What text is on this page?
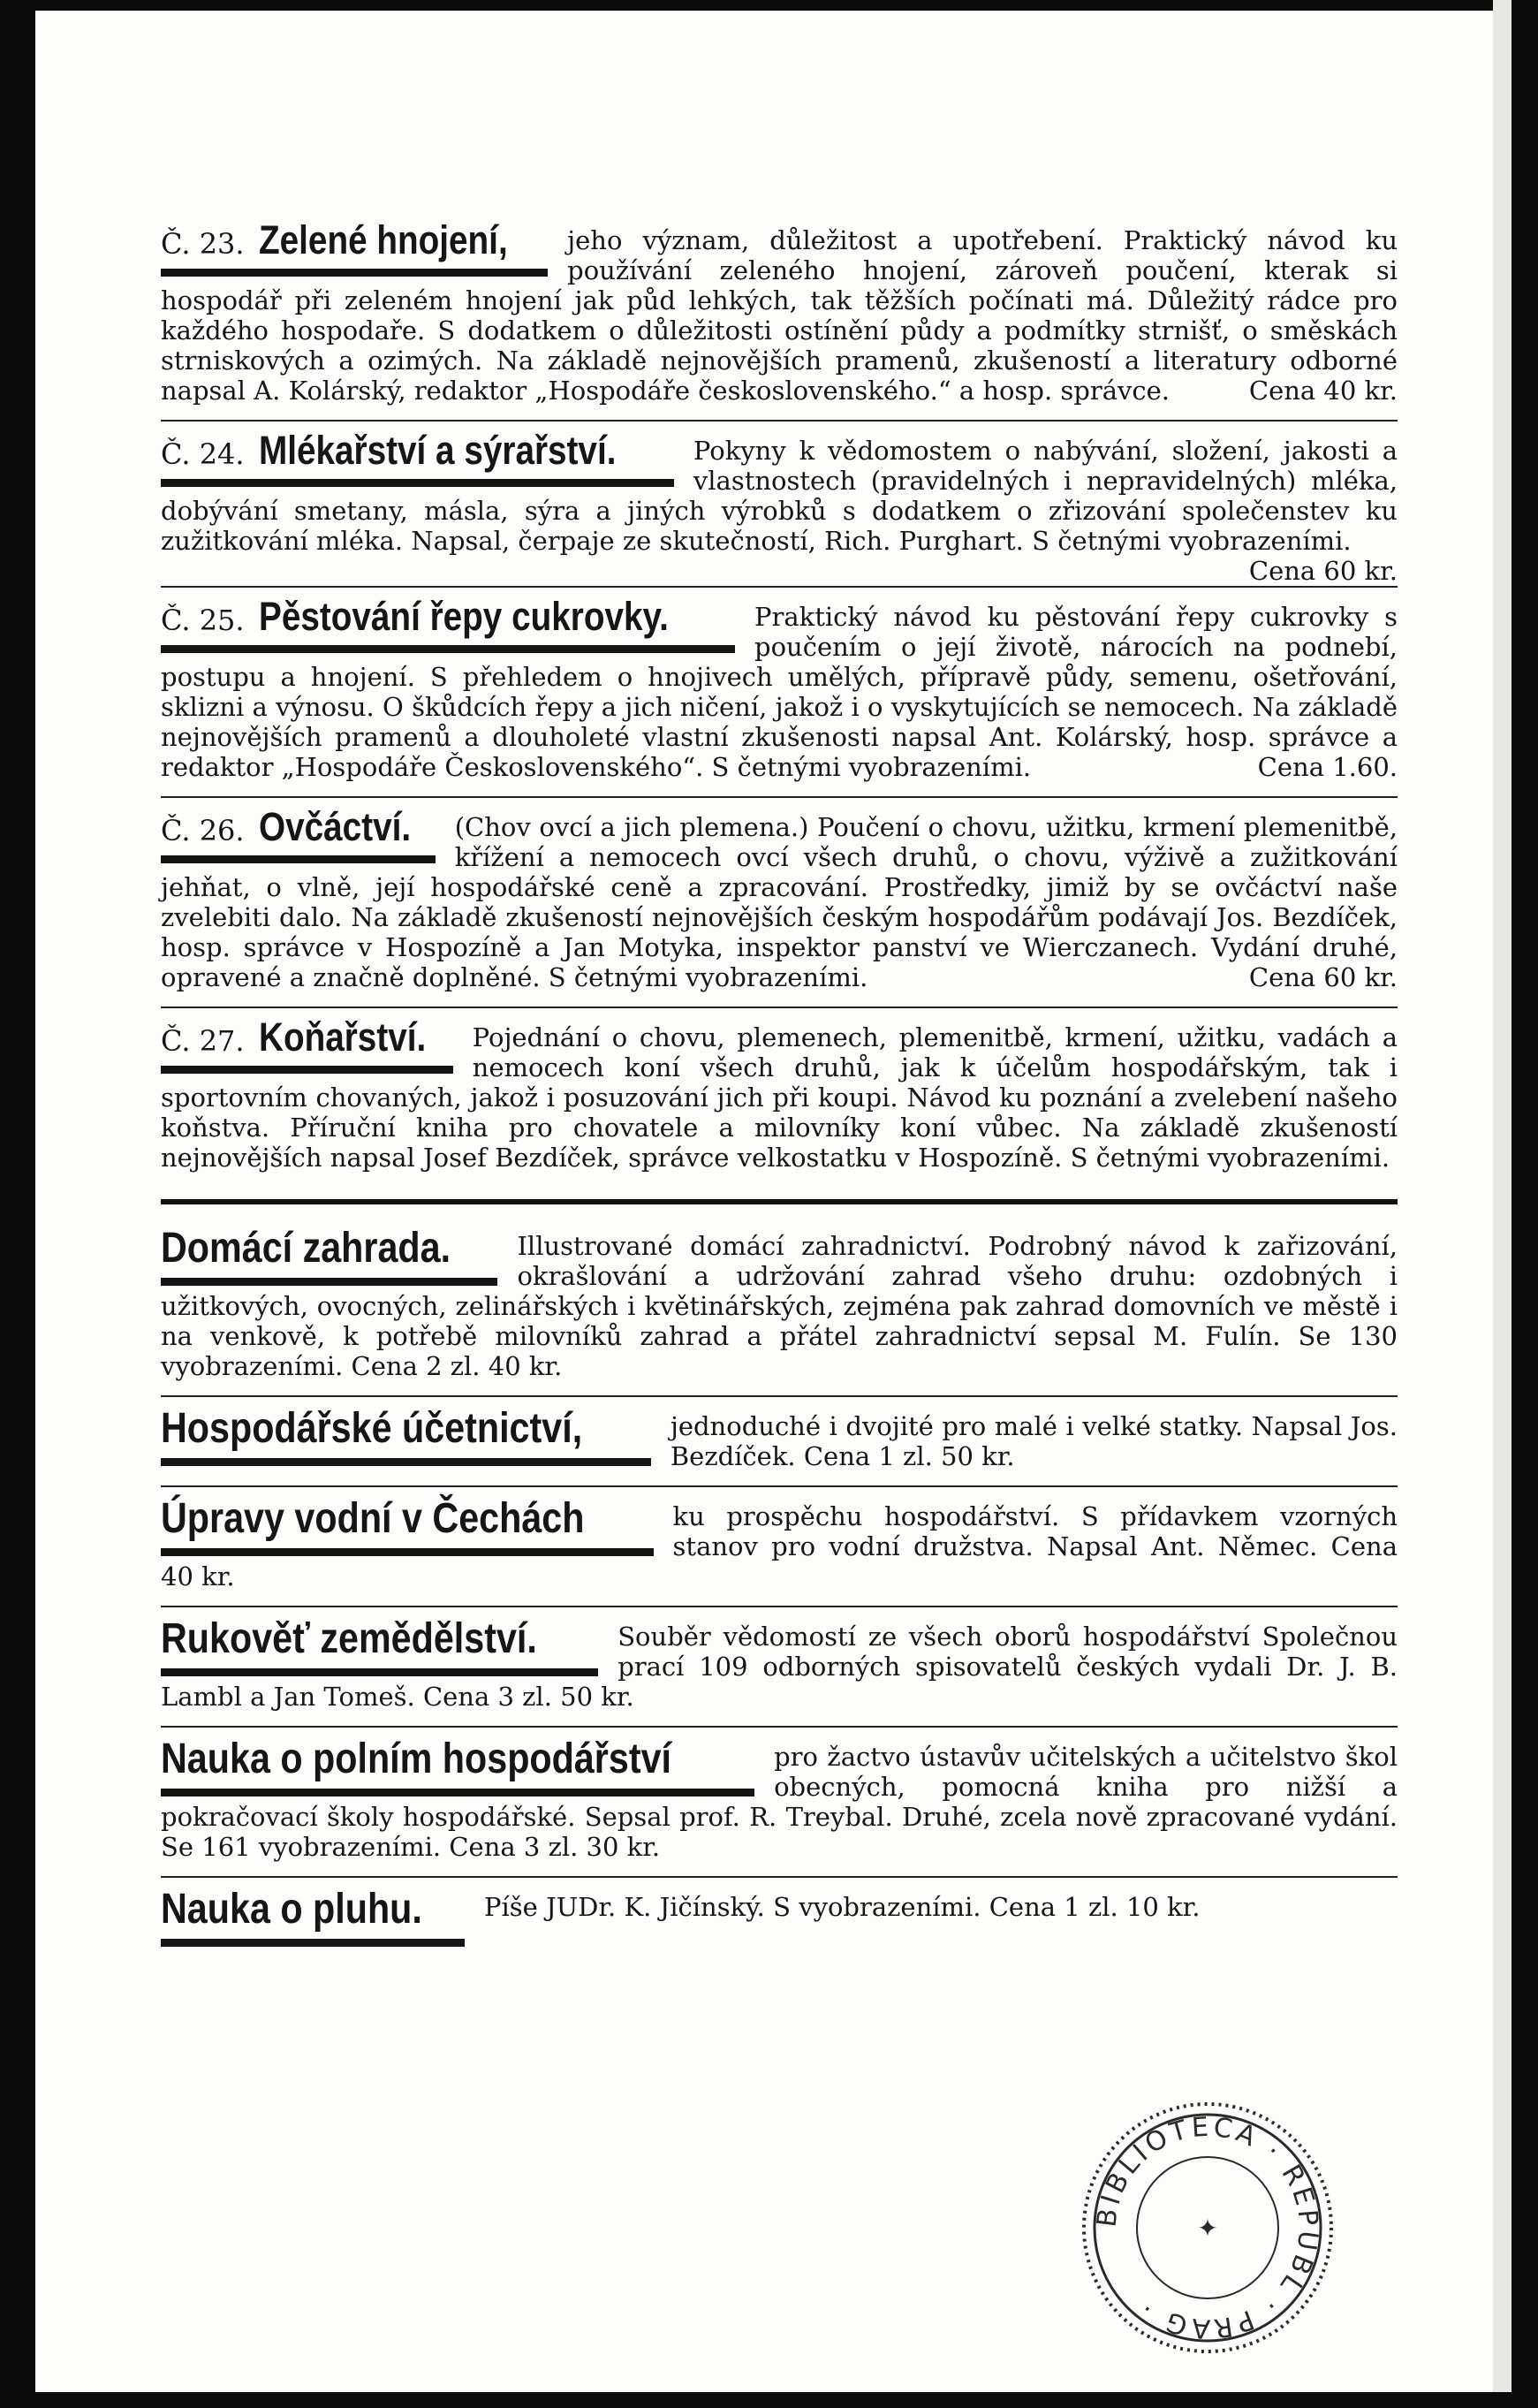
Č. 23. Zelené hnojení,	jeho význam, důležitost a upotřebení. Praktický návod ku používání zeleného hnojení, zároveň poučení, kterak si hospodář při zeleném hnojení jak půd lehkých, tak těžších počínati má. Důležitý rádce pro každého hospodaře. S dodatkem o důležitosti ostínění půdy a podmítky strnišť, o směskách strniskových a ozimých. Na základě nejnovějších pramenů, zkušeností a literatury odborné napsal A. Kolárský, redaktor „Hospodáře československého.“ a hosp. správce.	Cena 40 kr.

Č. 24. Mlékařství a sýrařství.	Pokyny k vědomostem o nabývání, složení, jakosti a vlastnostech (pravidelných i nepravidelných) mléka, dobývání smetany, másla, sýra a jiných výrobků s dodatkem o zřizování společenstev ku zužitkování mléka. Napsal, čerpaje ze skutečností, Rich. Purghart. S četnými vyobrazeními.
Cena 60 kr.

Č. 25. Pěstování řepy cukrovky.	Praktický návod ku pěstování řepy cukrovky s poučením o její životě, nárocích na podnebí, postupu a hnojení. S přehledem o hnojivech umělých, přípravě půdy, semenu, ošetřování, sklizni a výnosu. O škůdcích řepy a jich ničení, jakož i o vyskytujících se nemocech. Na základě nejnovějších pramenů a dlouholeté vlastní zkušenosti napsal Ant. Kolárský, hosp. správce a redaktor „Hospodáře Československého“. S četnými vyobrazeními.	Cena 1.60.

Č. 26. Ovčáctví.	(Chov ovcí a jich plemena.) Poučení o chovu, užitku, krmení plemenitbě, křížení a nemocech ovcí všech druhů, o chovu, výživě a zužitkování jehňat, o vlně, její hospodářské ceně a zpracování. Prostředky, jimiž by se ovčáctví naše zvelebiti dalo. Na základě zkušeností nejnovějších českým hospodářům podávají Jos. Bezdíček, hosp. správce v Hospozíně a Jan Motyka, inspektor panství ve Wierczanech. Vydání druhé, opravené a značně doplněné. S četnými vyobrazeními.	Cena 60 kr.

Č. 27. Koňařství.	Pojednání o chovu, plemenech, plemenitbě, krmení, užitku, vadách a nemocech koní všech druhů, jak k účelům hospodářským, tak i sportovním chovaných, jakož i posuzování jich při koupi. Návod ku poznání a zvelebení našeho koňstva. Příruční kniha pro chovatele a milovníky koní vůbec. Na základě zkušeností nejnovějších napsal Josef Bezdíček, správce velkostatku v Hospozíně. S četnými vyobrazeními.

Domácí zahrada.	Illustrované domácí zahradnictví. Podrobný návod k zařizování, okrašlování a udržování zahrad všeho druhu: ozdobných i užitkových, ovocných, zelinářských i květinářských, zejména pak zahrad domovních ve městě i na venkově, k potřebě milovníků zahrad a přátel zahradnictví sepsal M. Fulín. Se 130 vyobrazeními. Cena 2 zl. 40 kr.

Hospodářské účetnictví,	jednoduché i dvojité pro malé i velké statky. Napsal Jos. Bezdíček. Cena 1 zl. 50 kr.

Úpravy vodní v Čechách	ku prospěchu hospodářství. S přídavkem vzorných stanov pro vodní družstva. Napsal Ant. Němec. Cena 40 kr.

Rukověť zemědělství.	Souběr vědomostí ze všech oborů hospodářství Společnou prací 109 odborných spisovatelů českých vydali Dr. J. B. Lambl a Jan Tomeš. Cena 3 zl. 50 kr.

Nauka o polním hospodářství	pro žactvo ústavův učitelských a učitelstvo škol obecných, pomocná kniha pro nižší a pokračovací školy hospodářské. Sepsal prof. R. Treybal. Druhé, zcela nově zpracované vydání. Se 161 vyobrazeními. Cena 3 zl. 30 kr.

Nauka o pluhu.	Píše JUDr. K. Jičínský. S vyobrazeními. Cena 1 zl. 10 kr.

BIBLIOTECA · REPUBL · PRAG ·
✦
